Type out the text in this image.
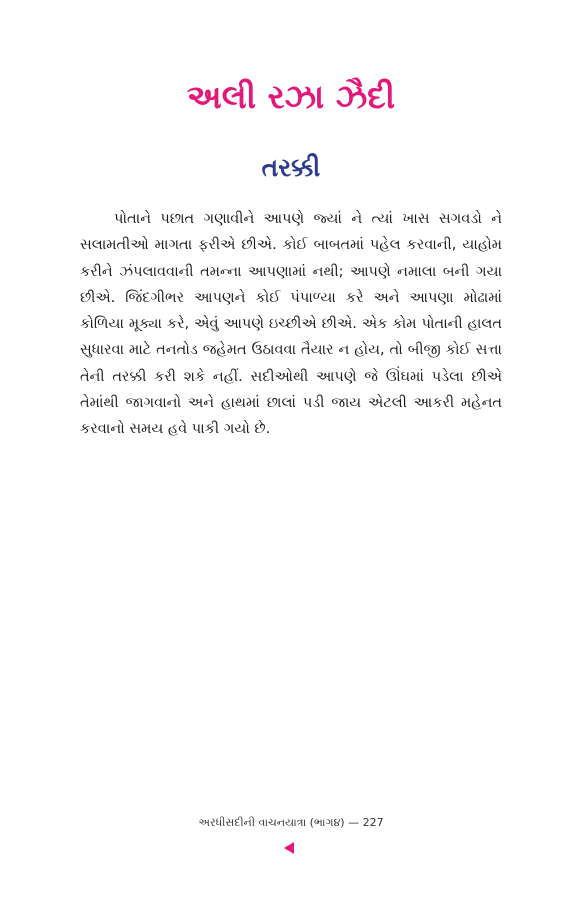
અલી રઝા ઝૈદી
તરક્કી

પોતાને પછાત ગણાવીને આપણે જ્યાં ને ત્યાં ખાસ સગવડો ને સલામતીઓ માગતા ફરીએ છીએ. કોઈ બાબતમાં પહેલ કરવાની, યાહોમ કરીને ઝંપલાવવાની તમન્ના આપણામાં નથી; આપણે નમાલા બની ગયા છીએ. જિંદગીભર આપણને કોઈ પંપાળ્યા કરે અને આપણા મોઢામાં કોળિયા મૂક્યા કરે, એવું આપણે ઇચ્છીએ છીએ. એક કોમ પોતાની હાલત સુધારવા માટે તનતોડ જહેમત ઉઠાવવા તૈયાર ન હોય, તો બીજી કોઈ સત્તા તેની તરક્કી કરી શકે નહીં. સદીઓથી આપણે જે ઊંઘમાં પડેલા છીએ તેમાંથી જાગવાનો અને હાથમાં છાલાં પડી જાય એટલી આકરી મહેનત કરવાનો સમય હવે પાકી ગયો છે.

અરધીસદીની વાચનયાત્રા (ભાગ૪) — 227
